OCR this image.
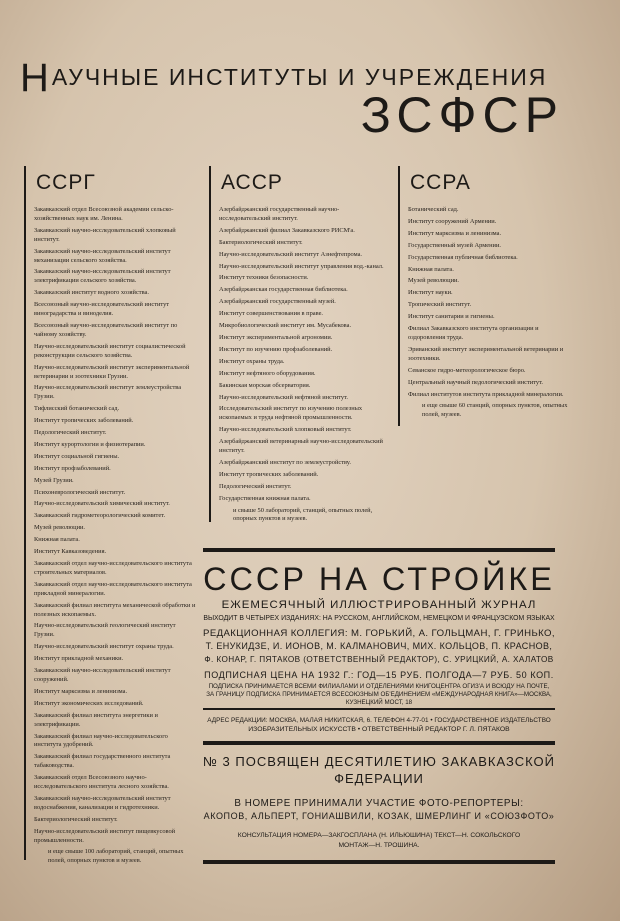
НАУЧНЫЕ ИНСТИТУТЫ И УЧРЕЖДЕНИЯ
ЗСФСР
ССРГ
Закавказский отдел Всесоюзной академии сельско-хозяйственных наук им. Ленина.
Закавказский научно-исследовательский хлопковый институт.
Закавказский научно-исследовательский институт механизации сельского хозяйства.
Закавказский научно-исследовательский институт электрификации сельского хозяйства.
Закавказский институт водного хозяйства.
Всесоюзный научно-исследовательский институт виноградарства и виноделия.
Всесоюзный научно-исследовательский институт по чайному хозяйству.
Научно-исследовательский институт социалистической реконструкции сельского хозяйства.
Научно-исследовательский институт экспериментальной ветеринарии и зоотехники Грузии.
Научно-исследовательский институт землеустройства Грузии.
Тифлисский ботанический сад.
Институт тропических заболеваний.
Педологический институт.
Институт курортологии и физиотерапии.
Институт социальной гигиены.
Институт профзаболеваний.
Музей Грузии.
Психоневрологический институт.
Научно-исследовательский химический институт.
Закавказский гидрометеорологический комитет.
Музей революции.
Книжная палата.
Институт Кавказоведения.
Закавказский отдел научно-исследовательского института строительных материалов.
Закавказский отдел научно-исследовательского института прикладной минералогии.
Закавказский филиал института механической обработки и полезных ископаемых.
Научно-исследовательский геологический институт Грузии.
Научно-исследовательский институт охраны труда.
Институт прикладной механики.
Закавказский научно-исследовательский институт сооружений.
Институт марксизма и ленинизма.
Институт экономических исследований.
Закавказский филиал института энергетики и электрификации.
Закавказский филиал научно-исследовательского института удобрений.
Закавказский филиал государственного института табаководства.
Закавказский отдел Всесоюзного научно-исследовательского института лесного хозяйства.
Закавказский научно-исследовательский институт водоснабжения, канализации и гидротехники.
Бактериологический институт.
Научно-исследовательский институт пищевкусовой промышленности.
и еще свыше 100 лабораторий, станций, опытных полей, опорных пунктов и музеев.
АССР
Азербайджанский государственный научно-исследовательский институт.
Азербайджанский филиал Закавказского РИСМ'а.
Бактериологический институт.
Научно-исследовательский институт Азнефтепрома.
Научно-исследовательский институт управления вод.-канал.
Институт техники безопасности.
Азербайджанская государственная библиотека.
Азербайджанский государственный музей.
Институт совершенствования в праве.
Микробиологический институт им. Мусабекова.
Институт экспериментальной агрономии.
Институт по изучению профзаболеваний.
Институт охраны труда.
Институт нефтяного оборудования.
Бакинская морская обсерватория.
Научно-исследовательский нефтяной институт.
Исследовательский институт по изучению полезных ископаемых и труда нефтяной промышленности.
Научно-исследовательский хлопковый институт.
Азербайджанский ветеринарный научно-исследовательский институт.
Азербайджанский институт по землеустройству.
Институт тропических заболеваний.
Педологический институт.
Государственная книжная палата.
и свыше 50 лабораторий, станций, опытных полей, опорных пунктов и музеев.
ССРА
Ботанический сад.
Институт сооружений Армении.
Институт марксизма и ленинизма.
Государственный музей Армении.
Государственная публичная библиотека.
Книжная палата.
Музей революции.
Институт науки.
Тропический институт.
Институт санитарии и гигиены.
Филиал Закавказского института организации и оздоровления труда.
Эриванский институт экспериментальной ветеринарии и зоотехники.
Севанское гидро-метеорологическое бюро.
Центральный научный педологический институт.
Филиал институтов института прикладной минералогии.
и еще свыше 60 станций, опорных пунктов, опытных полей, музеев.
СССР НА СТРОЙКЕ
ЕЖЕМЕСЯЧНЫЙ ИЛЛЮСТРИРОВАННЫЙ ЖУРНАЛ
ВЫХОДИТ В ЧЕТЫРЕХ ИЗДАНИЯХ: НА РУССКОМ, АНГЛИЙСКОМ, НЕМЕЦКОМ И ФРАНЦУЗСКОМ ЯЗЫКАХ
РЕДАКЦИОННАЯ КОЛЛЕГИЯ: М. ГОРЬКИЙ, А. ГОЛЬЦМАН, Г. ГРИНЬКО,
Т. ЕНУКИДЗЕ, И. ИОНОВ, М. КАЛМАНОВИЧ, МИХ. КОЛЬЦОВ, П. КРАСНОВ,
Ф. КОНАР, Г. ПЯТАКОВ (ОТВЕТСТВЕННЫЙ РЕДАКТОР), С. УРИЦКИЙ, А. ХАЛАТОВ
ПОДПИСНАЯ ЦЕНА НА 1932 Г.: ГОД—15 РУБ. ПОЛГОДА—7 РУБ. 50 КОП.
ПОДПИСКА ПРИНИМАЕТСЯ ВСЕМИ ФИЛИАЛАМИ И ОТДЕЛЕНИЯМИ КНИГОЦЕНТРА ОГИЗ'А И ВСЮДУ НА ПОЧТЕ,
ЗА ГРАНИЦУ ПОДПИСКА ПРИНИМАЕТСЯ ВСЕСОЮЗНЫМ ОБ'ЕДИНЕНИЕМ «МЕЖДУНАРОДНАЯ КНИГА»—МОСКВА,
КУЗНЕЦКИЙ МОСТ, 18
АДРЕС РЕДАКЦИИ: МОСКВА, МАЛАЯ НИКИТСКАЯ, 6. ТЕЛЕФОН 4-77-01 • ГОСУДАРСТВЕННОЕ ИЗДАТЕЛЬСТВО
ИЗОБРАЗИТЕЛЬНЫХ ИСКУССТВ • ОТВЕТСТВЕННЫЙ РЕДАКТОР Г. Л. ПЯТАКОВ
№ 3 ПОСВЯЩЕН ДЕСЯТИЛЕТИЮ ЗАКАВКАЗСКОЙ
ФЕДЕРАЦИИ
В НОМЕРЕ ПРИНИМАЛИ УЧАСТИЕ ФОТО-РЕПОРТЕРЫ:
АКОПОВ, АЛЬПЕРТ, ГОНИАШВИЛИ, КОЗАК, ШМЕРЛИНГ И «СОЮЗФОТО»
КОНСУЛЬТАЦИЯ НОМЕРА—ЗАКГОСПЛАНА (Н. ИЛЬЮШИНА) ТЕКСТ—Н. СОКОЛЬСКОГО
МОНТАЖ—Н. ТРОШИНА.
